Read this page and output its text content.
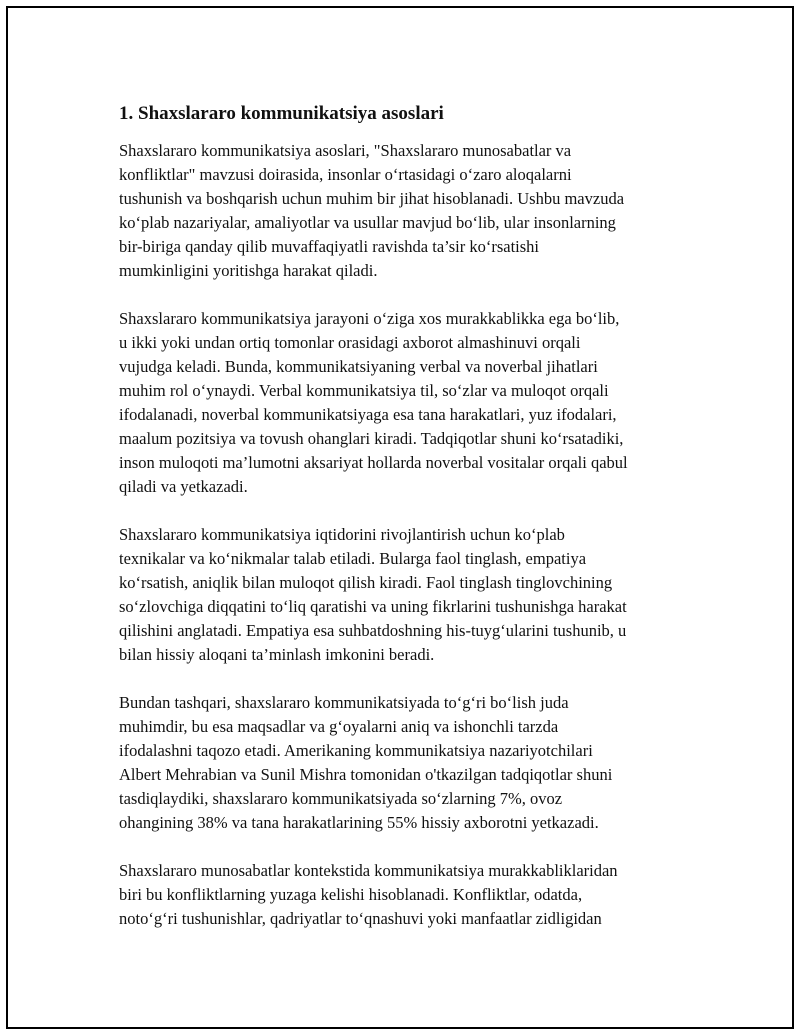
1. Shaxslararo kommunikatsiya asoslari

Shaxslararo kommunikatsiya asoslari, "Shaxslararo munosabatlar va
konfliktlar" mavzusi doirasida, insonlar o‘rtasidagi o‘zaro aloqalarni
tushunish va boshqarish uchun muhim bir jihat hisoblanadi. Ushbu mavzuda
ko‘plab nazariyalar, amaliyotlar va usullar mavjud bo‘lib, ular insonlarning
bir-biriga qanday qilib muvaffaqiyatli ravishda ta’sir ko‘rsatishi
mumkinligini yoritishga harakat qiladi.

Shaxslararo kommunikatsiya jarayoni o‘ziga xos murakkablikka ega bo‘lib,
u ikki yoki undan ortiq tomonlar orasidagi axborot almashinuvi orqali
vujudga keladi. Bunda, kommunikatsiyaning verbal va noverbal jihatlari
muhim rol o‘ynaydi. Verbal kommunikatsiya til, so‘zlar va muloqot orqali
ifodalanadi, noverbal kommunikatsiyaga esa tana harakatlari, yuz ifodalari,
maalum pozitsiya va tovush ohanglari kiradi. Tadqiqotlar shuni ko‘rsatadiki,
inson muloqoti ma’lumotni aksariyat hollarda noverbal vositalar orqali qabul
qiladi va yetkazadi.

Shaxslararo kommunikatsiya iqtidorini rivojlantirish uchun ko‘plab
texnikalar va ko‘nikmalar talab etiladi. Bularga faol tinglash, empatiya
ko‘rsatish, aniqlik bilan muloqot qilish kiradi. Faol tinglash tinglovchining
so‘zlovchiga diqqatini to‘liq qaratishi va uning fikrlarini tushunishga harakat
qilishini anglatadi. Empatiya esa suhbatdoshning his-tuyg‘ularini tushunib, u
bilan hissiy aloqani ta’minlash imkonini beradi.

Bundan tashqari, shaxslararo kommunikatsiyada to‘g‘ri bo‘lish juda
muhimdir, bu esa maqsadlar va g‘oyalarni aniq va ishonchli tarzda
ifodalashni taqozo etadi. Amerikaning kommunikatsiya nazariyotchilari
Albert Mehrabian va Sunil Mishra tomonidan o'tkazilgan tadqiqotlar shuni
tasdiqlaydiki, shaxslararo kommunikatsiyada so‘zlarning 7%, ovoz
ohangining 38% va tana harakatlarining 55% hissiy axborotni yetkazadi.

Shaxslararo munosabatlar kontekstida kommunikatsiya murakkabliklaridan
biri bu konfliktlarning yuzaga kelishi hisoblanadi. Konfliktlar, odatda,
noto‘g‘ri tushunishlar, qadriyatlar to‘qnashuvi yoki manfaatlar zidligidan
